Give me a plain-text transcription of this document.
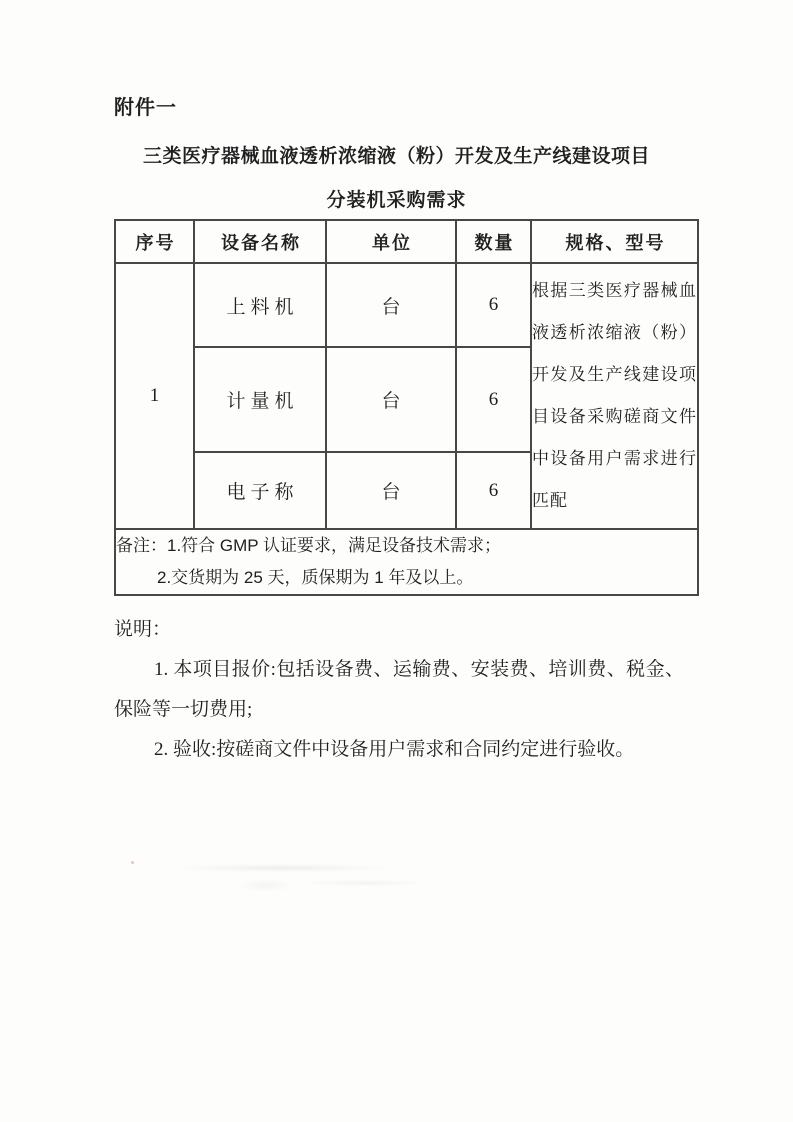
附件一
三类医疗器械血液透析浓缩液（粉）开发及生产线建设项目
分装机采购需求
序号	设备名称	单位	数量	规格、型号
1	上料机	台	6	根据三类医疗器械血液透析浓缩液（粉）开发及生产线建设项目设备采购磋商文件中设备用户需求进行匹配
	计量机	台	6	
	电子称	台	6	

备注：1.符合 GMP 认证要求，满足设备技术需求；
2.交货期为 25 天，质保期为 1 年及以上。				
说明：

1. 本项目报价:包括设备费、运输费、安装费、培训费、税金、保险等一切费用;

2. 验收:按磋商文件中设备用户需求和合同约定进行验收。
